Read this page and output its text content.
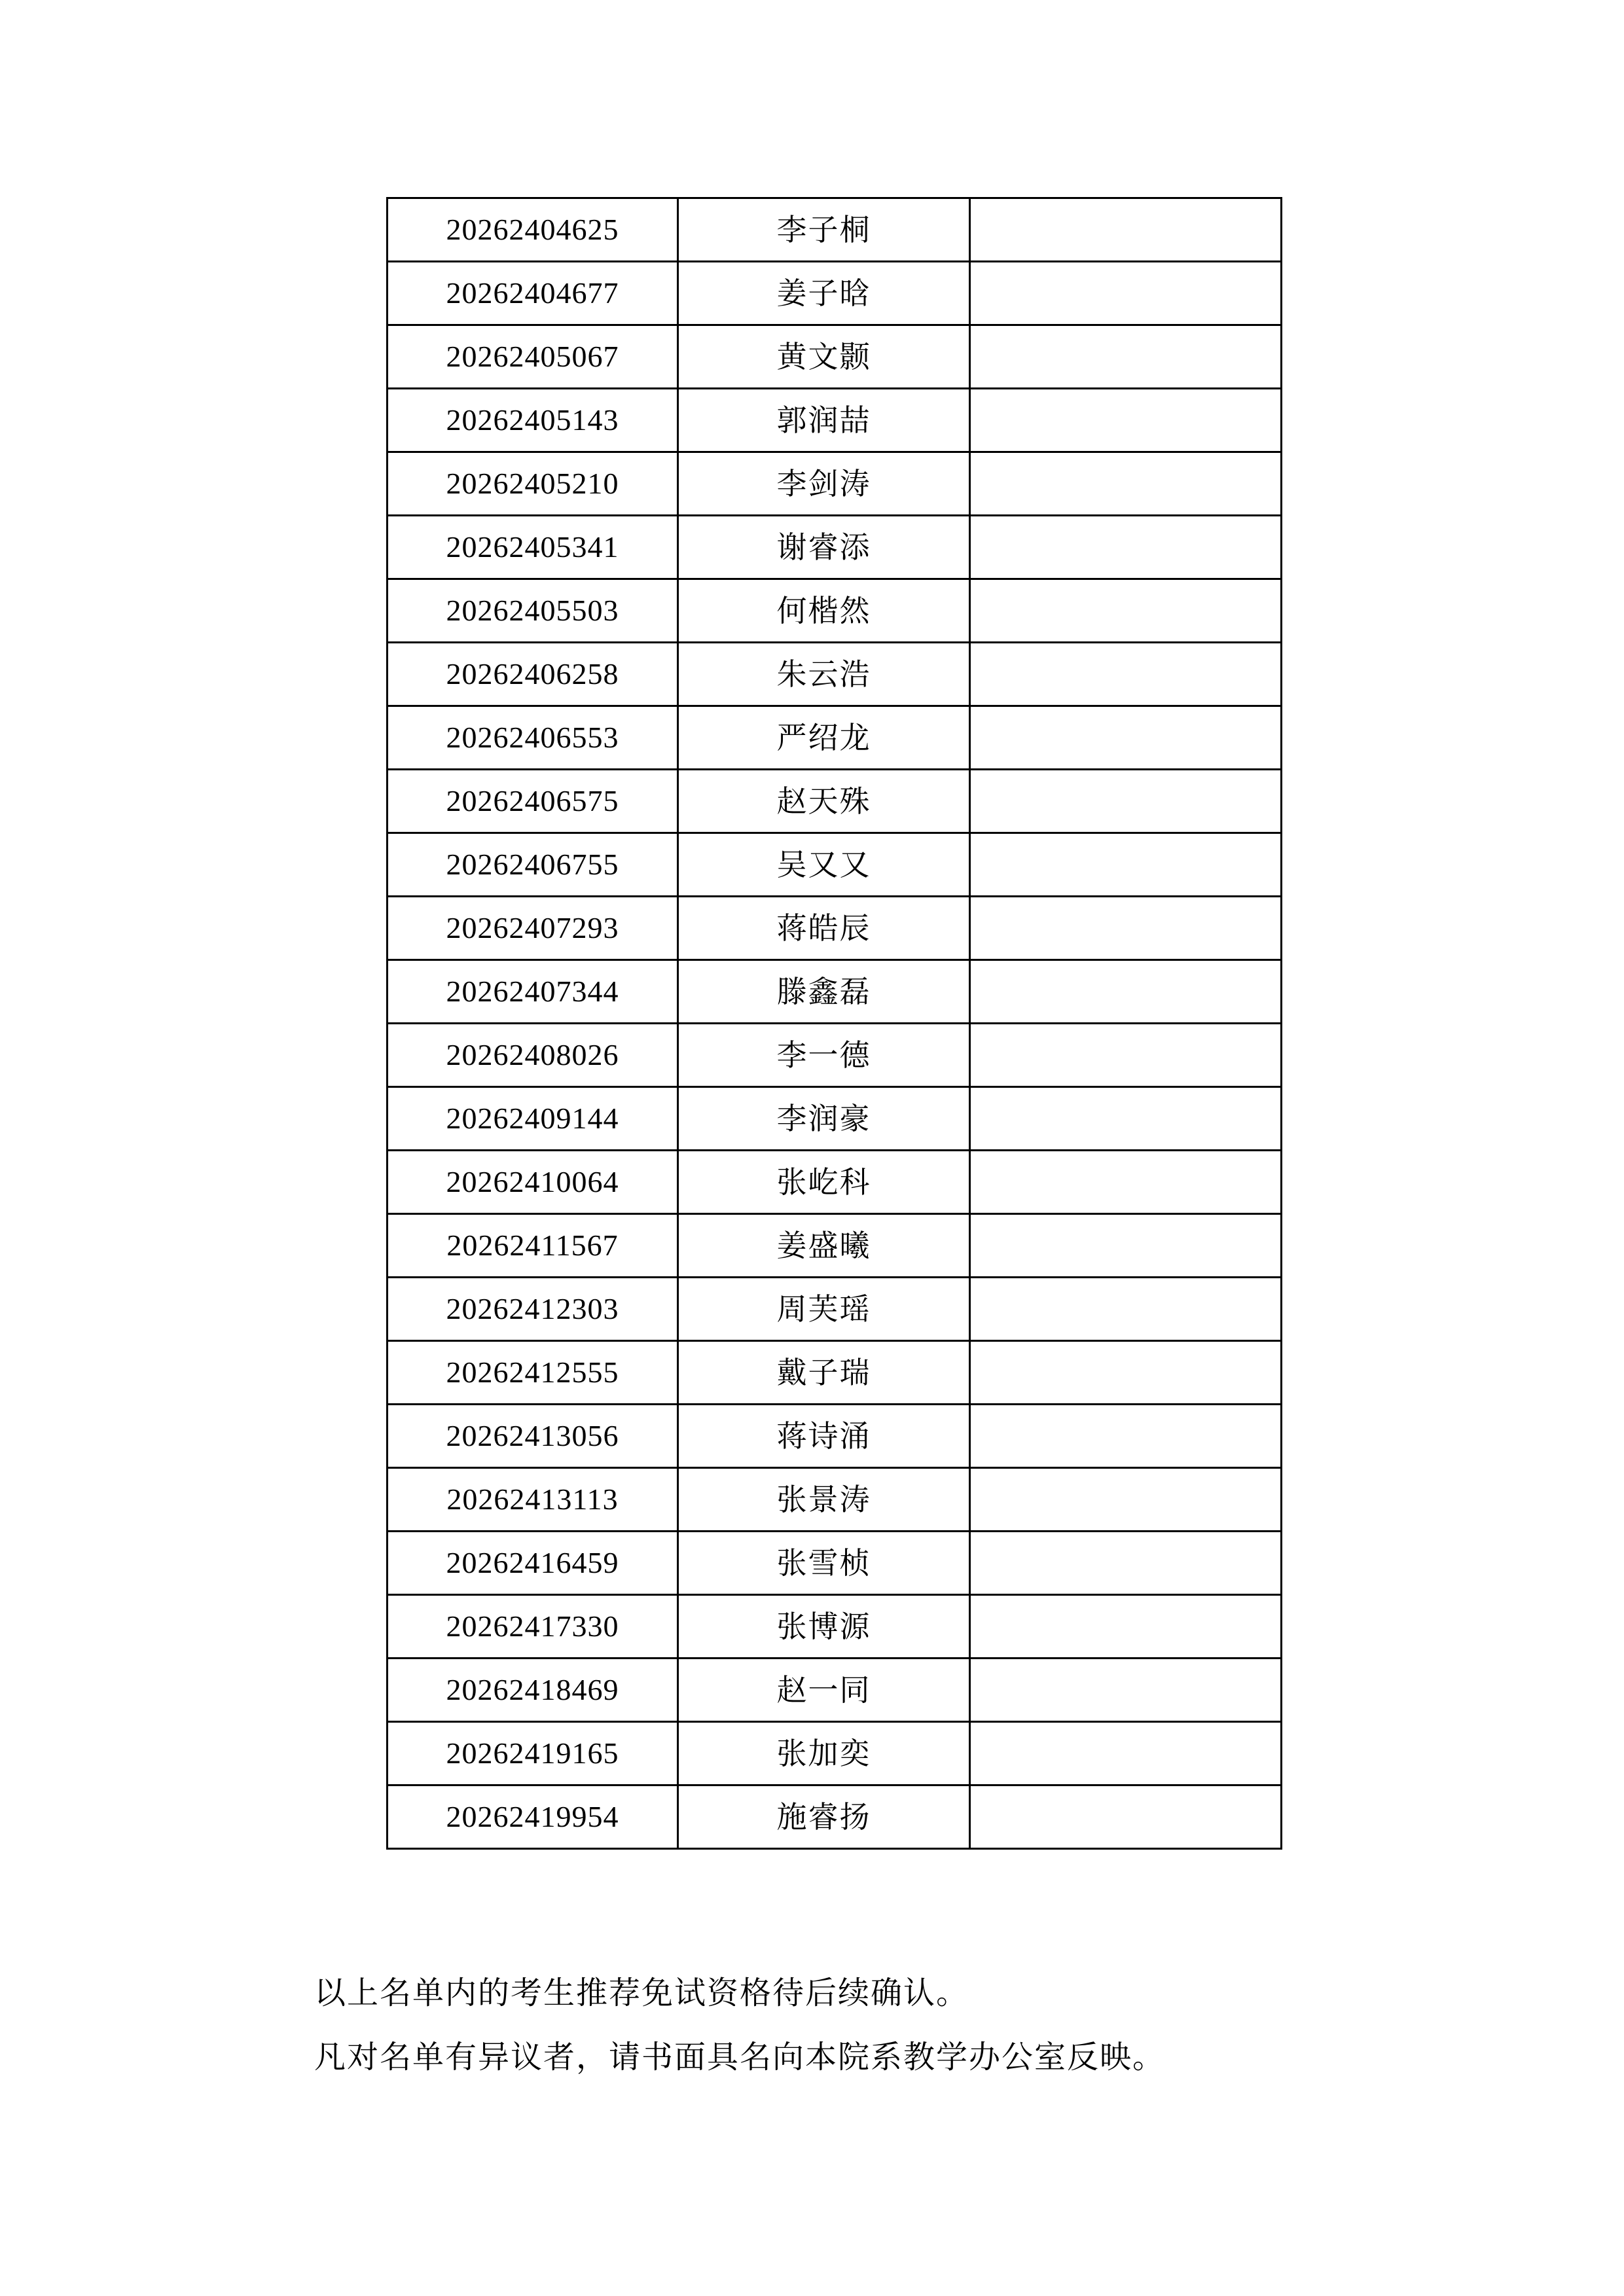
20262404625	李子桐	
20262404677	姜子晗	
20262405067	黄文颢	
20262405143	郭润喆	
20262405210	李剑涛	
20262405341	谢睿添	
20262405503	何楷然	
20262406258	朱云浩	
20262406553	严绍龙	
20262406575	赵天殊	
20262406755	吴又又	
20262407293	蒋皓辰	
20262407344	滕鑫磊	
20262408026	李一德	
20262409144	李润豪	
20262410064	张屹科	
20262411567	姜盛曦	
20262412303	周芙瑶	
20262412555	戴子瑞	
20262413056	蒋诗涌	
20262413113	张景涛	
20262416459	张雪桢	
20262417330	张博源	
20262418469	赵一同	
20262419165	张加奕	
20262419954	施睿扬	

以上名单内的考生推荐免试资格待后续确认。

凡对名单有异议者，请书面具名向本院系教学办公室反映。
